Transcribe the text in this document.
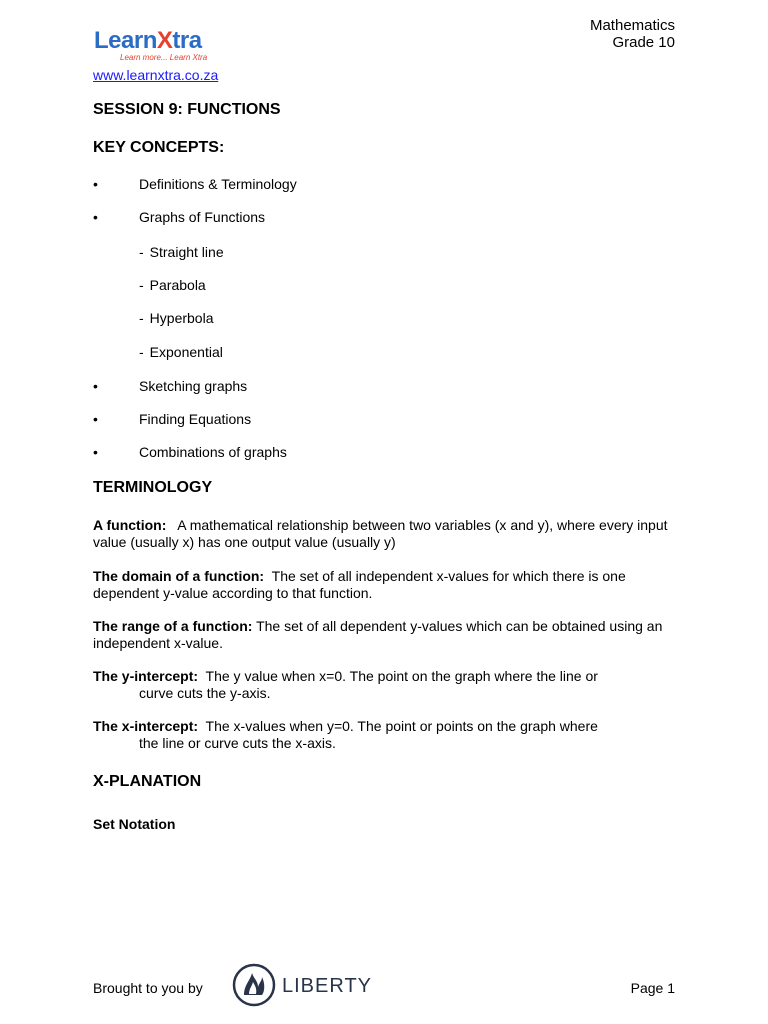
Mathematics
Grade 10
LearnXtra
Learn more... Learn Xtra
www.learnxtra.co.za
SESSION 9: FUNCTIONS
KEY CONCEPTS:
•	Definitions & Terminology
•	Graphs of Functions
- Straight line
- Parabola
- Hyperbola
- Exponential
•	Sketching graphs
•	Finding Equations
•	Combinations of graphs
TERMINOLOGY
A function: A mathematical relationship between two variables (x and y), where every input value (usually x) has one output value (usually y)
The domain of a function: The set of all independent x-values for which there is one dependent y-value according to that function.
The range of a function: The set of all dependent y-values which can be obtained using an independent x-value.
The y-intercept: The y value when x=0. The point on the graph where the line or
curve cuts the y-axis.
The x-intercept: The x-values when y=0. The point or points on the graph where
the line or curve cuts the x-axis.
X-PLANATION
Set Notation
Brought to you by	LIBERTY	Page 1
